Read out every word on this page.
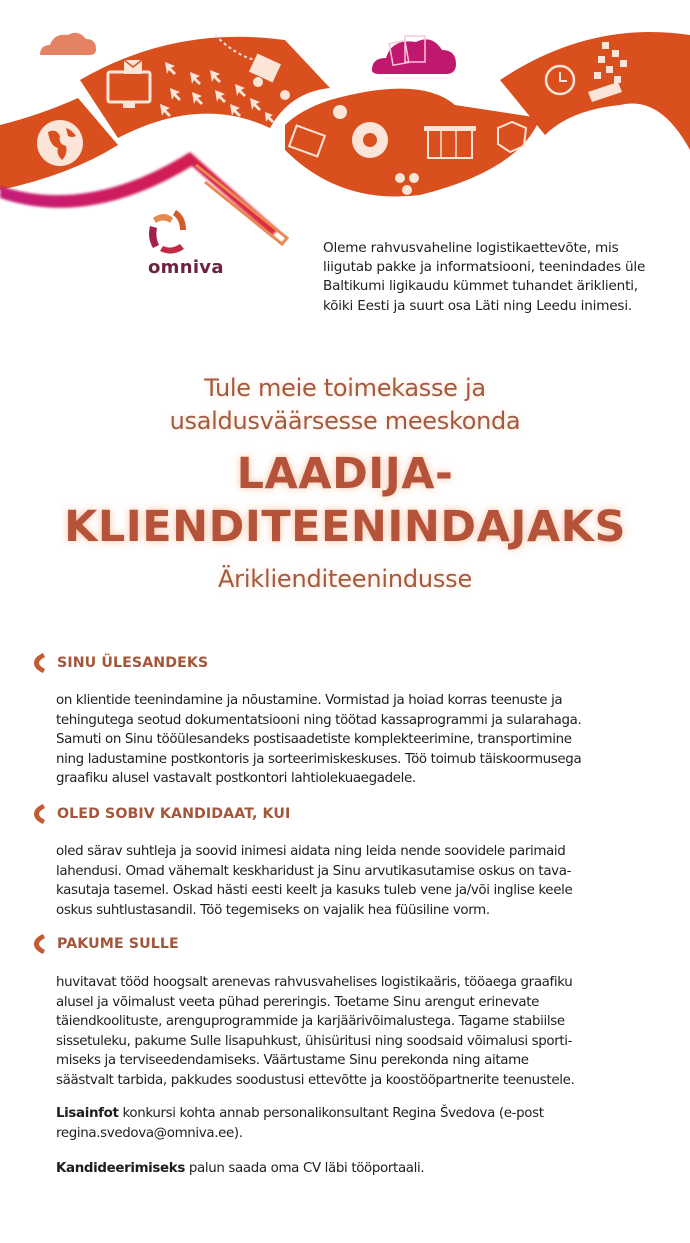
omniva

Oleme rahvusvaheline logistikaettevõte, mis liigutab pakke ja informatsiooni, teenindades üle Baltikumi ligikaudu kümmet tuhandet äriklienti, kõiki Eesti ja suurt osa Läti ning Leedu inimesi.

Tule meie toimekasse ja
usaldusväärsesse meeskonda
LAADIJA-
KLIENDITEENINDAJAKS
Äriklienditeenindusse
SINU ÜLESANDEKS
on klientide teenindamine ja nõustamine. Vormistad ja hoiad korras teenuste ja
tehingutega seotud dokumentatsiooni ning töötad kassaprogrammi ja sularahaga.
Samuti on Sinu tööülesandeks postisaadetiste komplekteerimine, transportimine
ning ladustamine postkontoris ja sorteerimiskeskuses. Töö toimub täiskoormusega
graafiku alusel vastavalt postkontori lahtiolekuaegadele.
OLED SOBIV KANDIDAAT, KUI
oled särav suhtleja ja soovid inimesi aidata ning leida nende soovidele parimaid
lahendusi. Omad vähemalt keskharidust ja Sinu arvutikasutamise oskus on tava-
kasutaja tasemel. Oskad hästi eesti keelt ja kasuks tuleb vene ja/või inglise keele
oskus suhtlustasandil. Töö tegemiseks on vajalik hea füüsiline vorm.
PAKUME SULLE
huvitavat tööd hoogsalt arenevas rahvusvahelises logistikaäris, tööaega graafiku
alusel ja võimalust veeta pühad pereringis. Toetame Sinu arengut erinevate
täiendkoolituste, arenguprogrammide ja karjäärivõimalustega. Tagame stabiilse
sissetuleku, pakume Sulle lisapuhkust, ühisüritusi ning soodsaid võimalusi sporti-
miseks ja terviseedendamiseks. Väärtustame Sinu perekonda ning aitame
säästvalt tarbida, pakkudes soodustusi ettevõtte ja koostööpartnerite teenustele.
Lisainfot konkursi kohta annab personalikonsultant Regina Švedova (e-post
regina.svedova@omniva.ee).
Kandideerimiseks palun saada oma CV läbi tööportaali.
